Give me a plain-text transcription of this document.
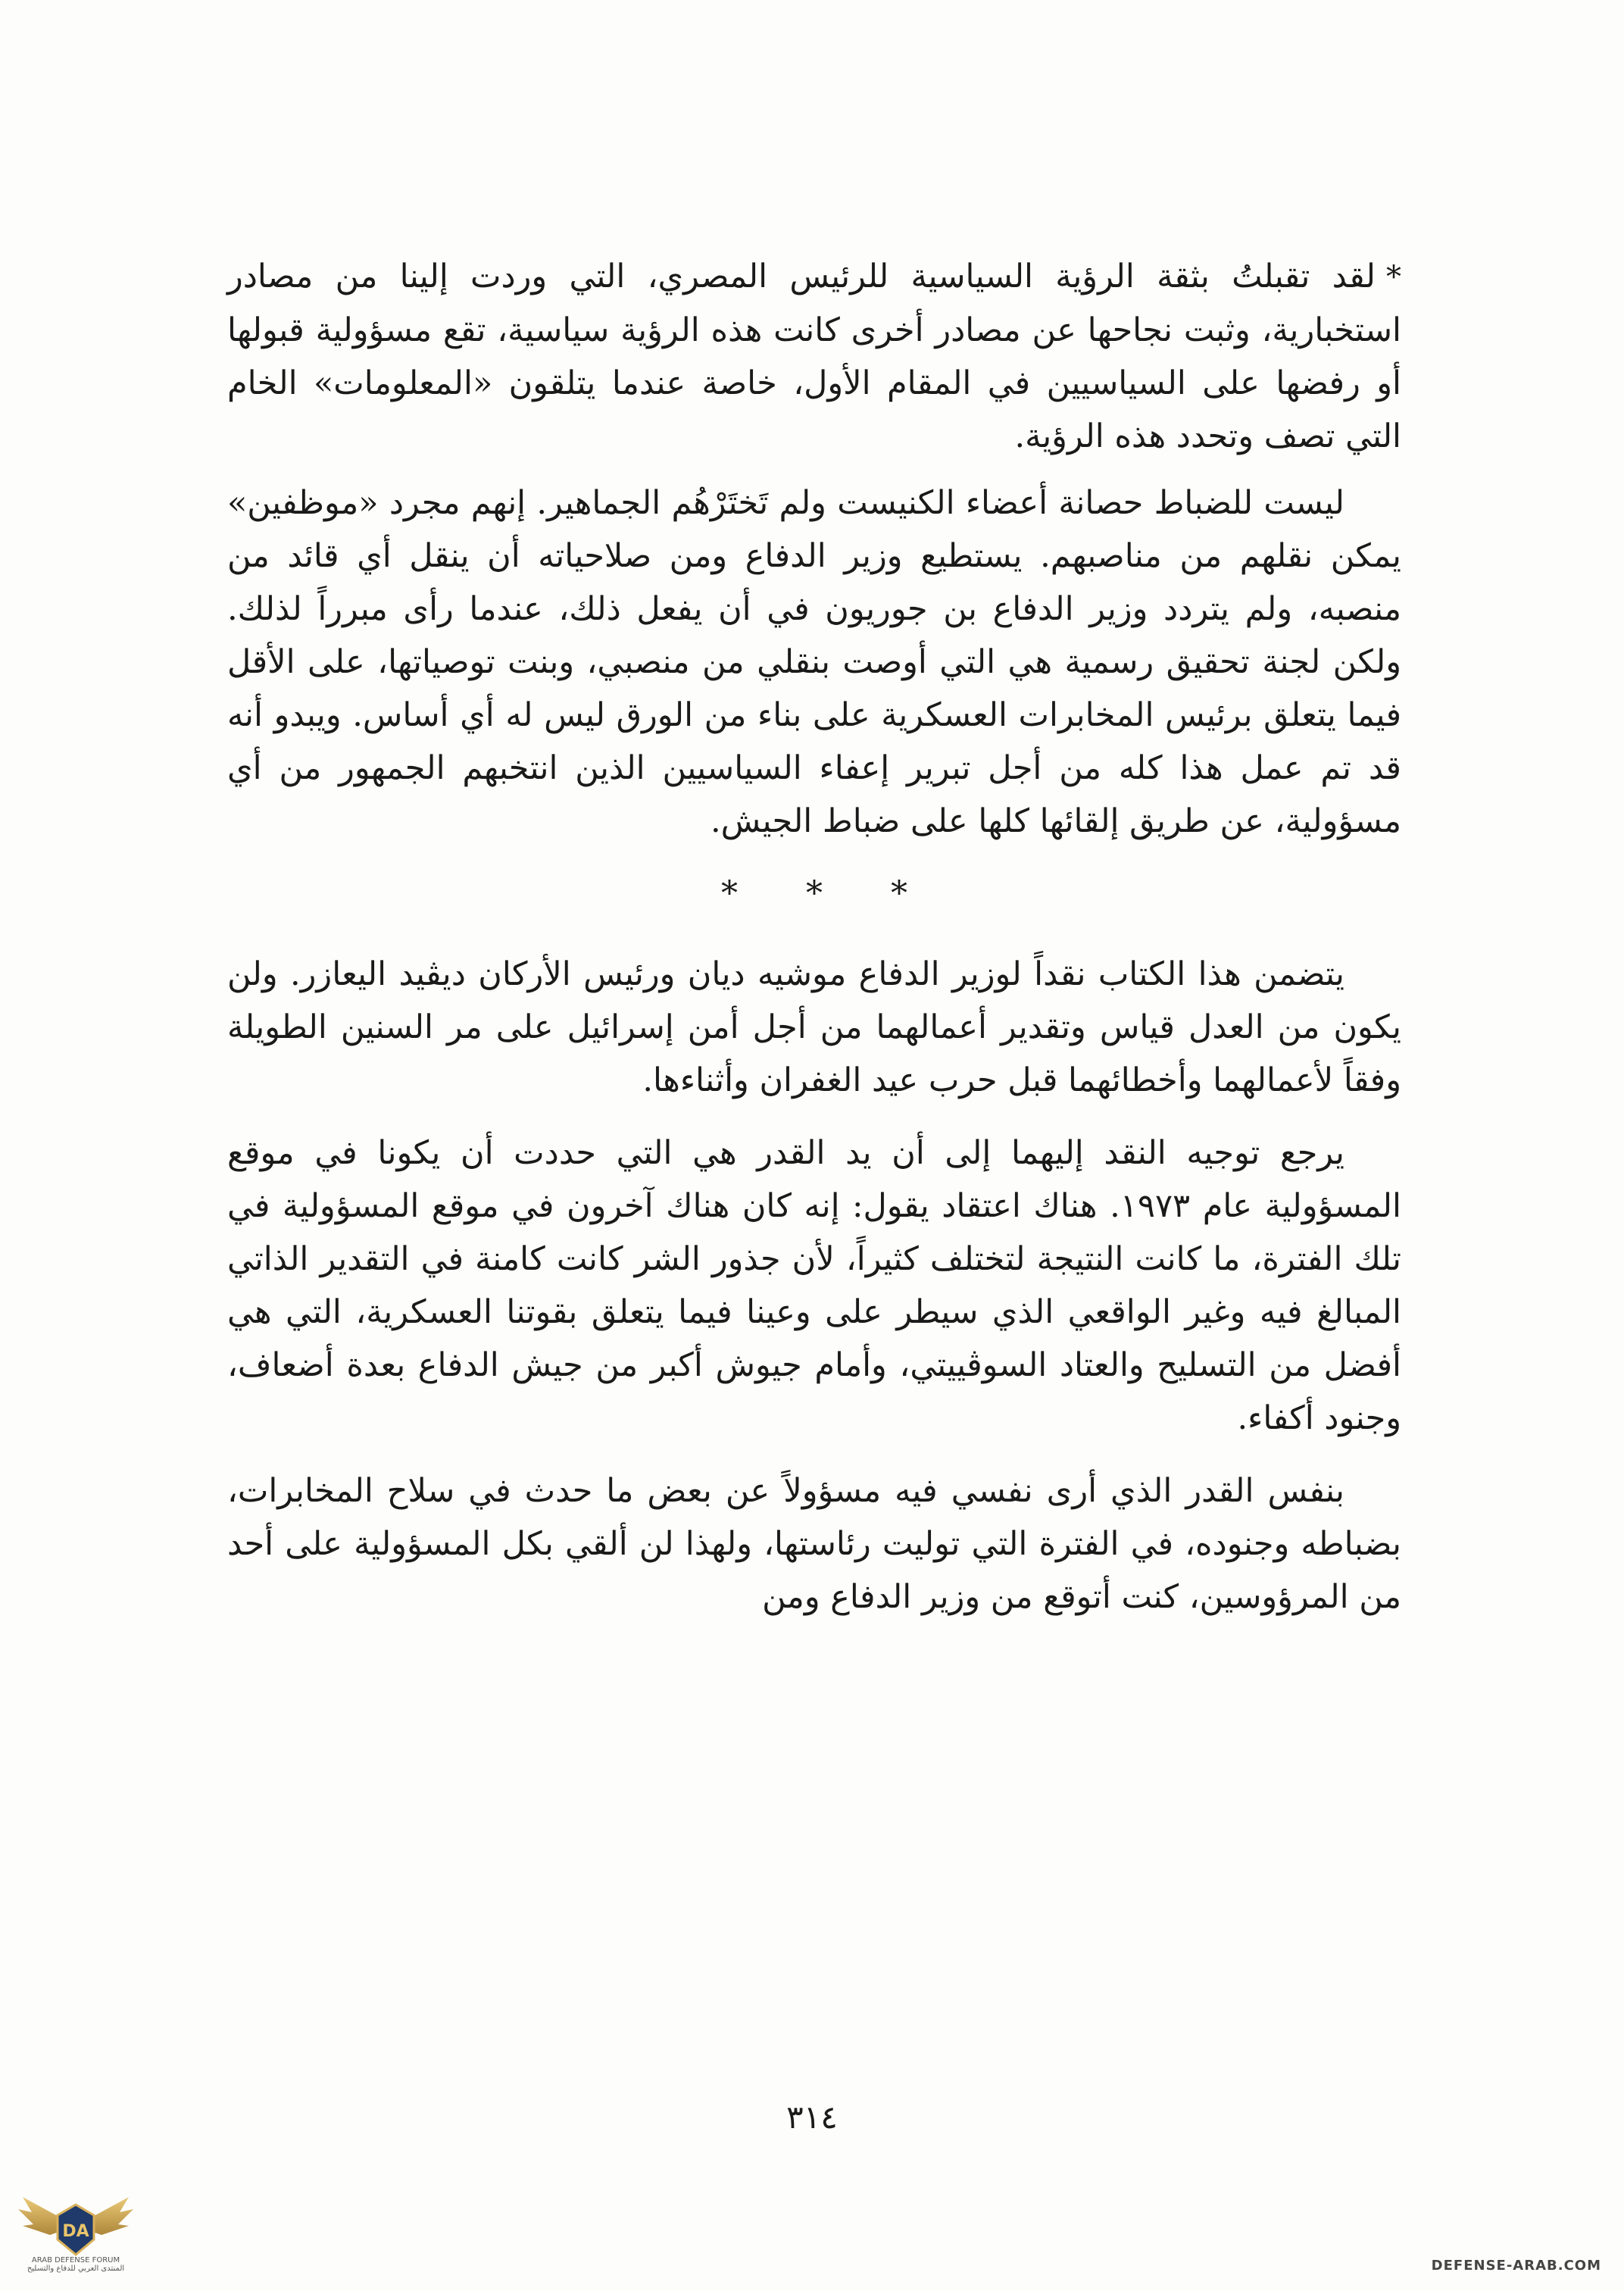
*لقد تقبلتُ بثقة الرؤية السياسية للرئيس المصري، التي وردت إلينا من مصادر استخبارية، وثبت نجاحها عن مصادر أخرى كانت هذه الرؤية سياسية، تقع مسؤولية قبولها أو رفضها على السياسيين في المقام الأول، خاصة عندما يتلقون «المعلومات» الخام التي تصف وتحدد هذه الرؤية.

ليست للضباط حصانة أعضاء الكنيست ولم تَختَرْهُم الجماهير. إنهم مجرد «موظفين» يمكن نقلهم من مناصبهم. يستطيع وزير الدفاع ومن صلاحياته أن ينقل أي قائد من منصبه، ولم يتردد وزير الدفاع بن جوريون في أن يفعل ذلك، عندما رأى مبرراً لذلك. ولكن لجنة تحقيق رسمية هي التي أوصت بنقلي من منصبي، وبنت توصياتها، على الأقل فيما يتعلق برئيس المخابرات العسكرية على بناء من الورق ليس له أي أساس. ويبدو أنه قد تم عمل هذا كله من أجل تبرير إعفاء السياسيين الذين انتخبهم الجمهور من أي مسؤولية، عن طريق إلقائها كلها على ضباط الجيش.

* * *

يتضمن هذا الكتاب نقداً لوزير الدفاع موشيه ديان ورئيس الأركان ديڤيد اليعازر. ولن يكون من العدل قياس وتقدير أعمالهما من أجل أمن إسرائيل على مر السنين الطويلة وفقاً لأعمالهما وأخطائهما قبل حرب عيد الغفران وأثناءها.

يرجع توجيه النقد إليهما إلى أن يد القدر هي التي حددت أن يكونا في موقع المسؤولية عام ١٩٧٣. هناك اعتقاد يقول: إنه كان هناك آخرون في موقع المسؤولية في تلك الفترة، ما كانت النتيجة لتختلف كثيراً، لأن جذور الشر كانت كامنة في التقدير الذاتي المبالغ فيه وغير الواقعي الذي سيطر على وعينا فيما يتعلق بقوتنا العسكرية، التي هي أفضل من التسليح والعتاد السوڤييتي، وأمام جيوش أكبر من جيش الدفاع بعدة أضعاف، وجنود أكفاء.

بنفس القدر الذي أرى نفسي فيه مسؤولاً عن بعض ما حدث في سلاح المخابرات، بضباطه وجنوده، في الفترة التي توليت رئاستها، ولهذا لن ألقي بكل المسؤولية على أحد من المرؤوسين، كنت أتوقع من وزير الدفاع ومن

٣١٤
DA
ARAB DEFENSE FORUM
المنتدى العربي للدفاع والتسليح	DEFENSE-ARAB.COM
